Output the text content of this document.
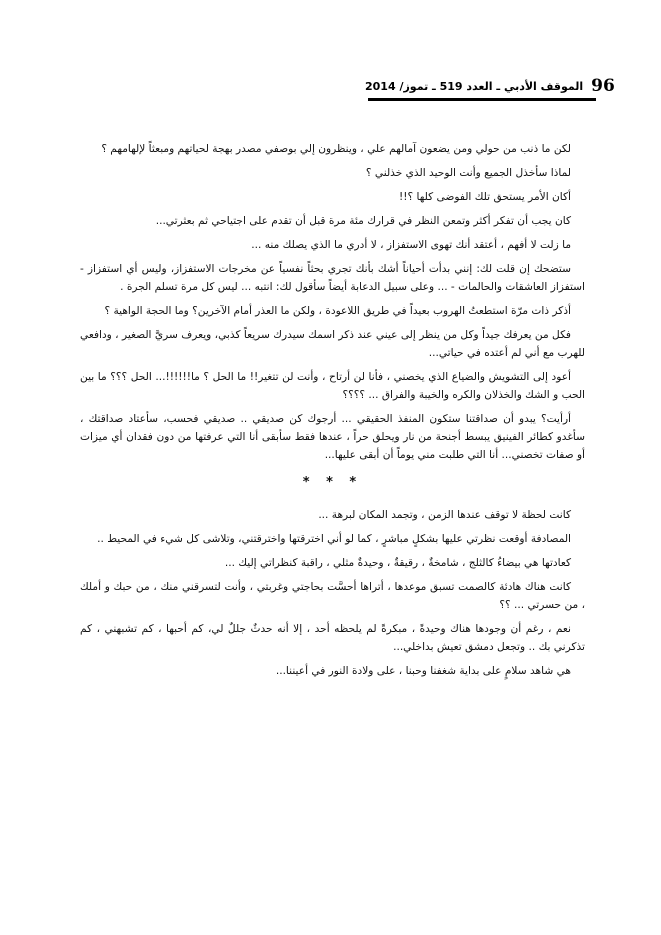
96
الموقف الأدبي ـ العدد 519 ـ تموز/ 2014

لكن ما ذنب من حولي ومن يضعون آمالهم علي ، وينظرون إلي بوصفي مصدر بهجة لحياتهم ومبعثاً لإلهامهم ؟

لماذا سأخذل الجميع وأنت الوحيد الذي خذلني ؟

أكان الأمر يستحق تلك الفوضى كلها ؟!!

كان يجب أن تفكر أكثر وتمعن النظر في قرارك مئة مرة قبل أن تقدم على اجتياحي ثم بعثرتي...

ما زلت لا أفهم ، أعتقد أنك تهوى الاستفزاز ، لا أدري ما الذي يصلك منه ...

ستضحك إن قلت لك: إنني بدأت أحياناً أشك بأنك تجري بحثاً نفسياً عن مخرجات الاستفزاز، وليس أي استفزاز - استفزاز العاشقات والحالمات - ... وعلى سبيل الدعابة أيضاً سأقول لك: انتبه ... ليس كل مرة تسلم الجرة .

أذكر ذات مرّة استطعتُ الهروب بعيداً في طريق اللاعودة ، ولكن ما العذر أمام الآخرين؟ وما الحجة الواهية ؟

فكل من يعرفك جيداً وكل من ينظر إلى عيني عند ذكر اسمك سيدرك سريعاً كذبي، ويعرف سريَّ الصغير ، ودافعي للهرب مع أني لم أعتده في حياتي...

أعود إلى التشويش والضياع الذي يخصني ، فأنا لن أرتاح ، وأنت لن تتغير!! ما الحل ؟ ما!!!!!!... الحل ؟؟؟ ما بين الحب و الشك والخذلان والكره والخيبة والفراق ... ؟؟؟؟

أرأيت؟ يبدو أن صداقتنا ستكون المنفذ الحقيقي ... أرجوك كن صديقي .. صديقي فحسب، سأعتاد صداقتك ، سأغدو كطائر الفينيق يبسط أجنحة من نار ويحلق حراً ، عندها فقط سأبقى أنا التي عرفتها من دون فقدان أي ميزات أو صفات تخصني... أنا التي طلبت مني يوماً أن أبقى عليها...

* * *

كانت لحظة لا توقف عندها الزمن ، وتجمد المكان لبرهة ...

المصادفة أوقعت نظرتي عليها بشكلٍ مباشرٍ ، كما لو أني اخترقتها واخترقتني، وتلاشى كل شيء في المحيط ..

كعادتها هي بيضاءُ كالثلج ، شامخةٌ ، رقيقةٌ ، وحيدةٌ مثلي ، راقبة كنظراتي إليك ...

كانت هناك هادئة كالصمت تسبق موعدها ، أتراها أحسَّت بحاجتي وغربتي ، وأنت لتسرقني منك ، من حبك و أملك ، من حسرتي ... ؟؟

نعم ، رغم أن وجودها هناك وحيدةً ، مبكرةً لم يلحظه أحد ، إلا أنه حدثٌ جللٌ لي، كم أحبها ، كم تشبهني ، كم تذكرني بك .. وتجعل دمشق تعيش بداخلي...

هي شاهد سلامٍ على بداية شغفنا وحبنا ، على ولادة النور في أعيننا...
